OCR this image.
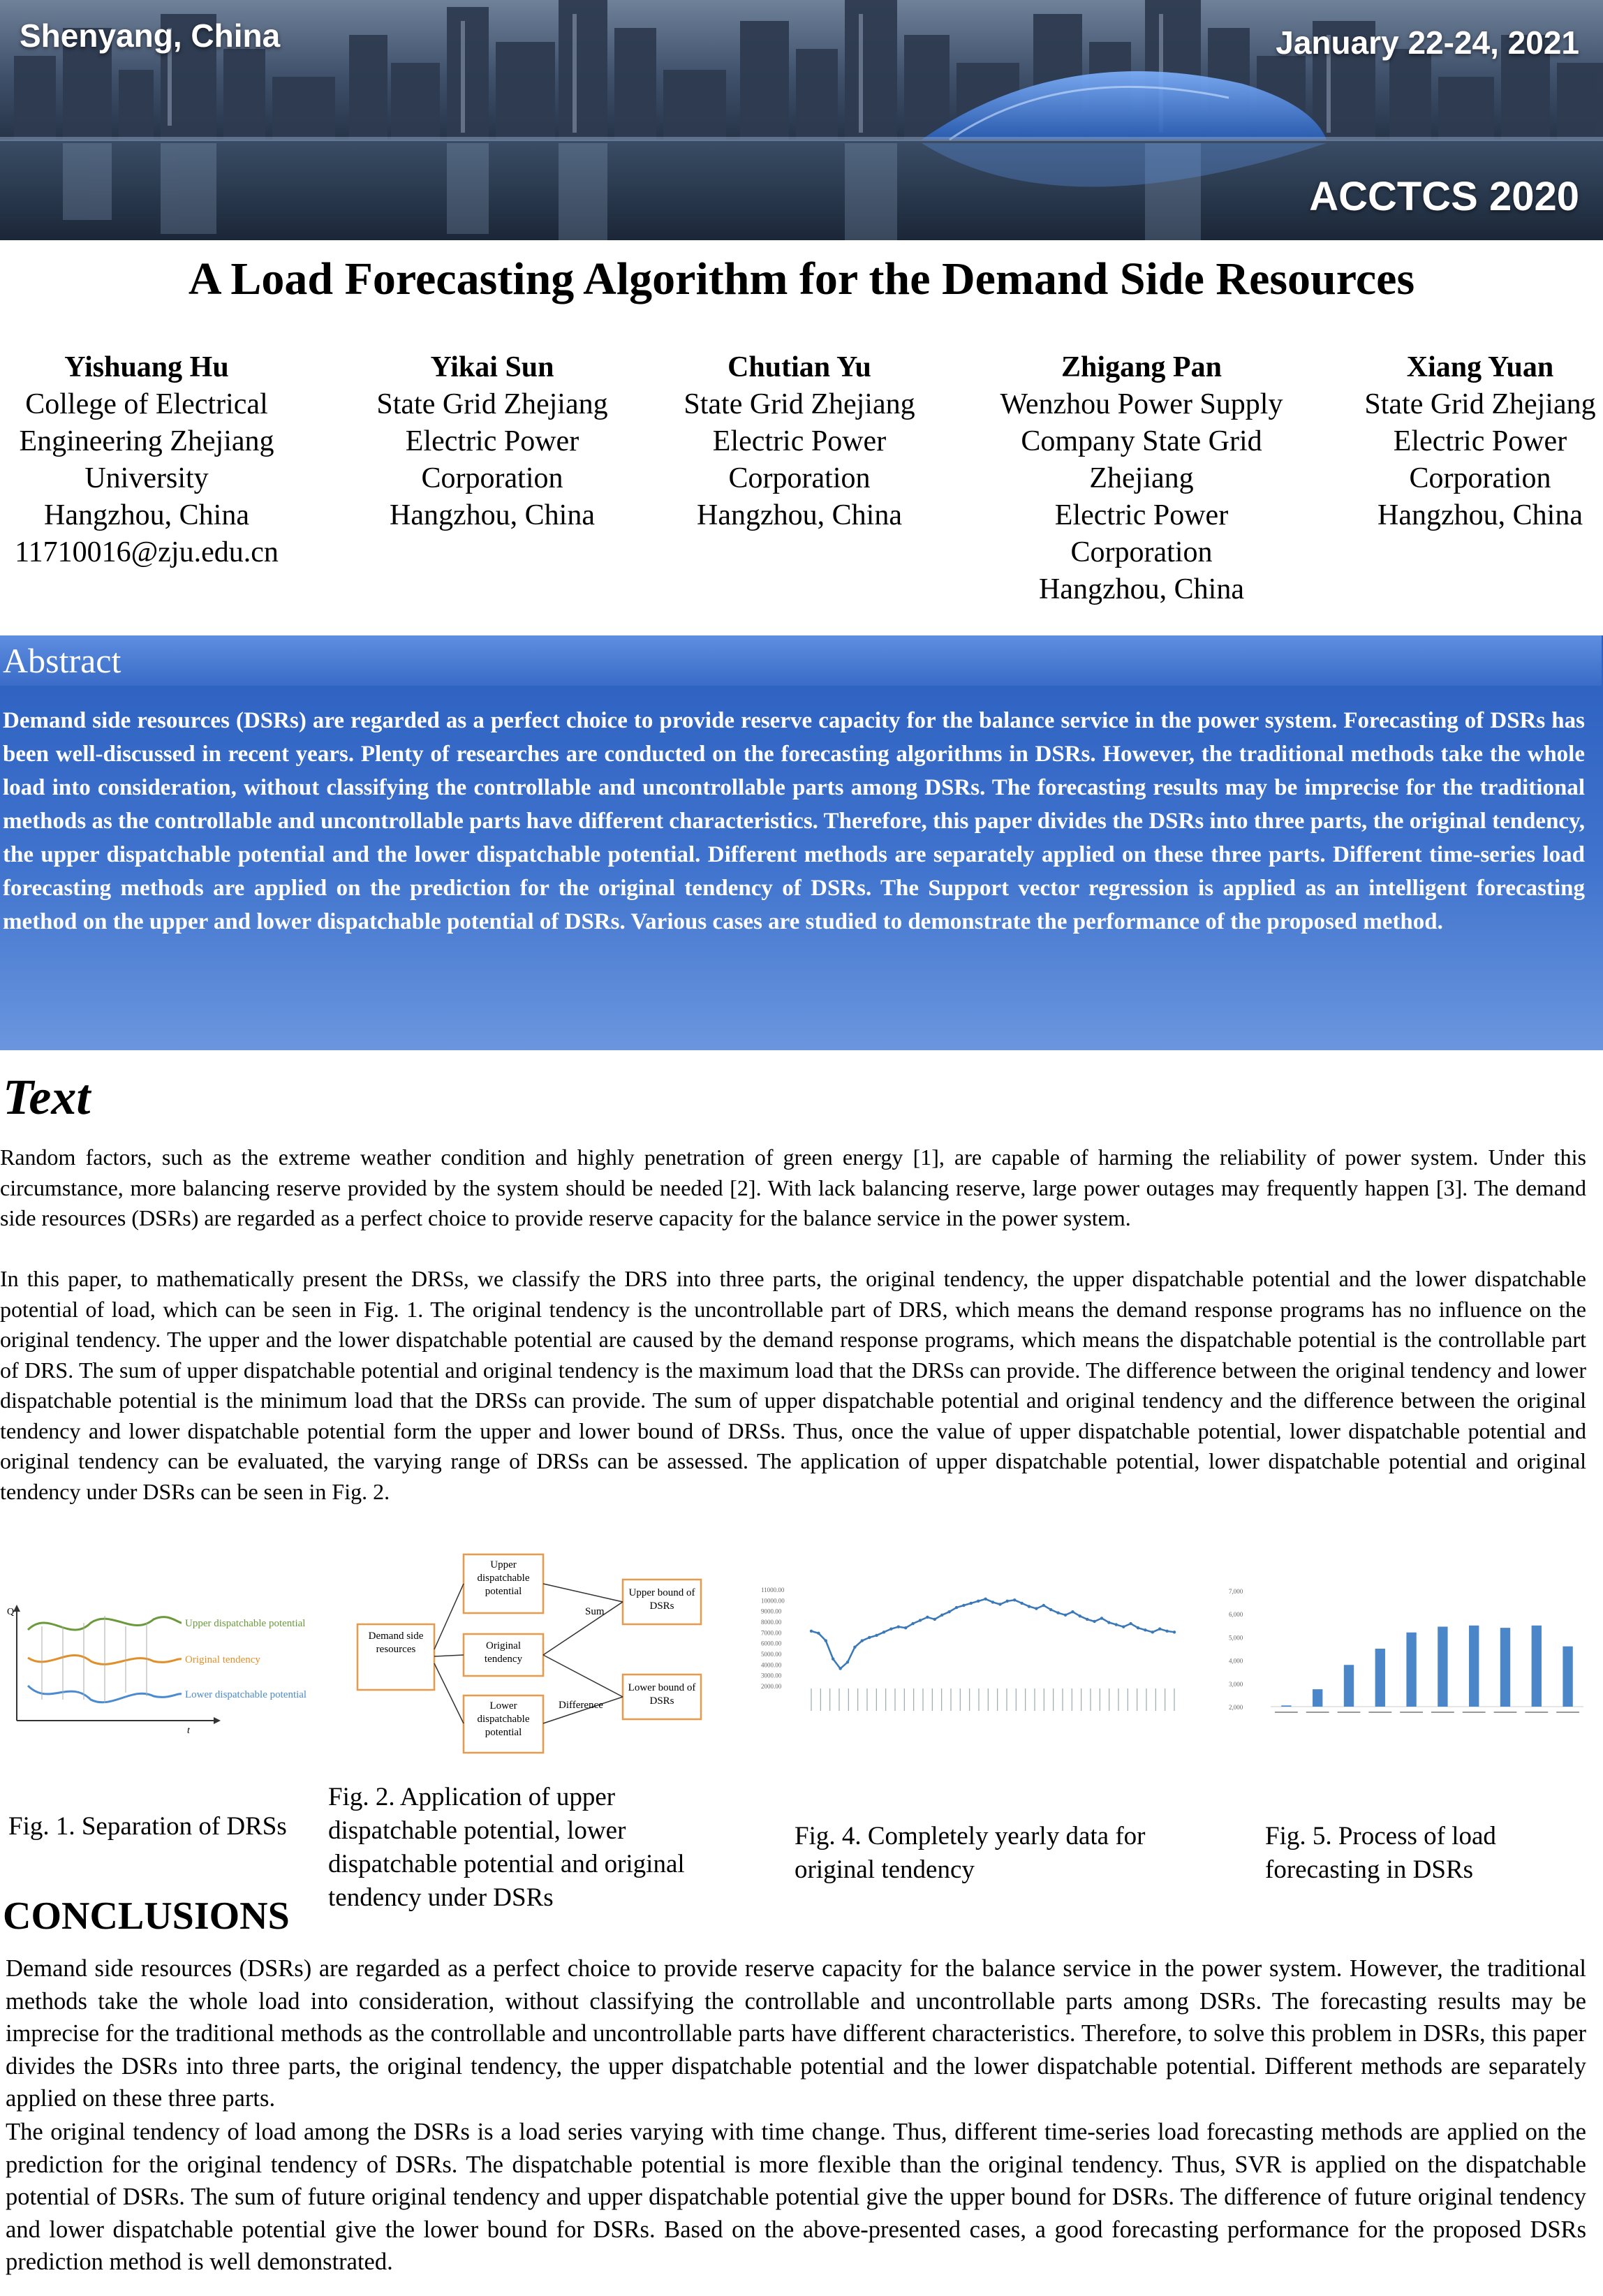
Shenyang, China	January 22-24, 2021
ACCTCS 2020
A Load Forecasting Algorithm for the Demand Side Resources
Yishuang Hu
College of Electrical
Engineering Zhejiang
University
Hangzhou, China
11710016@zju.edu.cn
Yikai Sun
State Grid Zhejiang
Electric Power
Corporation
Hangzhou, China
Chutian Yu
State Grid Zhejiang
Electric Power
Corporation
Hangzhou, China
Zhigang Pan
Wenzhou Power Supply
Company State Grid
Zhejiang
Electric Power
Corporation
Hangzhou, China
Xiang Yuan
State Grid Zhejiang
Electric Power
Corporation
Hangzhou, China
Abstract
Demand side resources (DSRs) are regarded as a perfect choice to provide reserve capacity for the balance service in the power system. Forecasting of DSRs has been well-discussed in recent years. Plenty of researches are conducted on the forecasting algorithms in DSRs. However, the traditional methods take the whole load into consideration, without classifying the controllable and uncontrollable parts among DSRs. The forecasting results may be imprecise for the traditional methods as the controllable and uncontrollable parts have different characteristics. Therefore, this paper divides the DSRs into three parts, the original tendency, the upper dispatchable potential and the lower dispatchable potential. Different methods are separately applied on these three parts. Different time-series load forecasting methods are applied on the prediction for the original tendency of DSRs. The Support vector regression is applied as an intelligent forecasting method on the upper and lower dispatchable potential of DSRs. Various cases are studied to demonstrate the performance of the proposed method.
Text
Random factors, such as the extreme weather condition and highly penetration of green energy [1], are capable of harming the reliability of power system. Under this circumstance, more balancing reserve provided by the system should be needed [2]. With lack balancing reserve, large power outages may frequently happen [3]. The demand side resources (DSRs) are regarded as a perfect choice to provide reserve capacity for the balance service in the power system.
In this paper, to mathematically present the DRSs, we classify the DRS into three parts, the original tendency, the upper dispatchable potential and the lower dispatchable potential of load, which can be seen in Fig. 1. The original tendency is the uncontrollable part of DRS, which means the demand response programs has no influence on the original tendency. The upper and the lower dispatchable potential are caused by the demand response programs, which means the dispatchable potential is the controllable part of DRS. The sum of upper dispatchable potential and original tendency is the maximum load that the DRSs can provide. The difference between the original tendency and lower dispatchable potential is the minimum load that the DRSs can provide. The sum of upper dispatchable potential and original tendency and the difference between the original tendency and lower dispatchable potential form the upper and lower bound of DRSs. Thus, once the value of upper dispatchable potential, lower dispatchable potential and original tendency can be evaluated, the varying range of DRSs can be assessed. The application of upper dispatchable potential, lower dispatchable potential and original tendency under DSRs can be seen in Fig. 2.
Q
t
Upper dispatchable potential
Original tendency
Lower dispatchable potential
Fig. 1. Separation of DRSs
Demand side resources
Upper dispatchable potential
Original tendency
Lower dispatchable potential
Upper bound of DSRs
Lower bound of DSRs
Sum
Difference
Fig. 2. Application of upper dispatchable potential, lower dispatchable potential and original tendency under DSRs
11000.00
10000.00
9000.00
8000.00
7000.00
6000.00
5000.00
4000.00
3000.00
2000.00
Fig. 4. Completely yearly data for original tendency
7,000
6,000
5,000
4,000
3,000
2,000
Fig. 5. Process of load forecasting in DSRs
CONCLUSIONS
Demand side resources (DSRs) are regarded as a perfect choice to provide reserve capacity for the balance service in the power system. However, the traditional methods take the whole load into consideration, without classifying the controllable and uncontrollable parts among DSRs. The forecasting results may be imprecise for the traditional methods as the controllable and uncontrollable parts have different characteristics. Therefore, to solve this problem in DSRs, this paper divides the DSRs into three parts, the original tendency, the upper dispatchable potential and the lower dispatchable potential. Different methods are separately applied on these three parts.
The original tendency of load among the DSRs is a load series varying with time change. Thus, different time-series load forecasting methods are applied on the prediction for the original tendency of DSRs. The dispatchable potential is more flexible than the original tendency. Thus, SVR is applied on the dispatchable potential of DSRs. The sum of future original tendency and upper dispatchable potential give the upper bound for DSRs. The difference of future original tendency and lower dispatchable potential give the lower bound for DSRs. Based on the above-presented cases, a good forecasting performance for the proposed DSRs prediction method is well demonstrated.
